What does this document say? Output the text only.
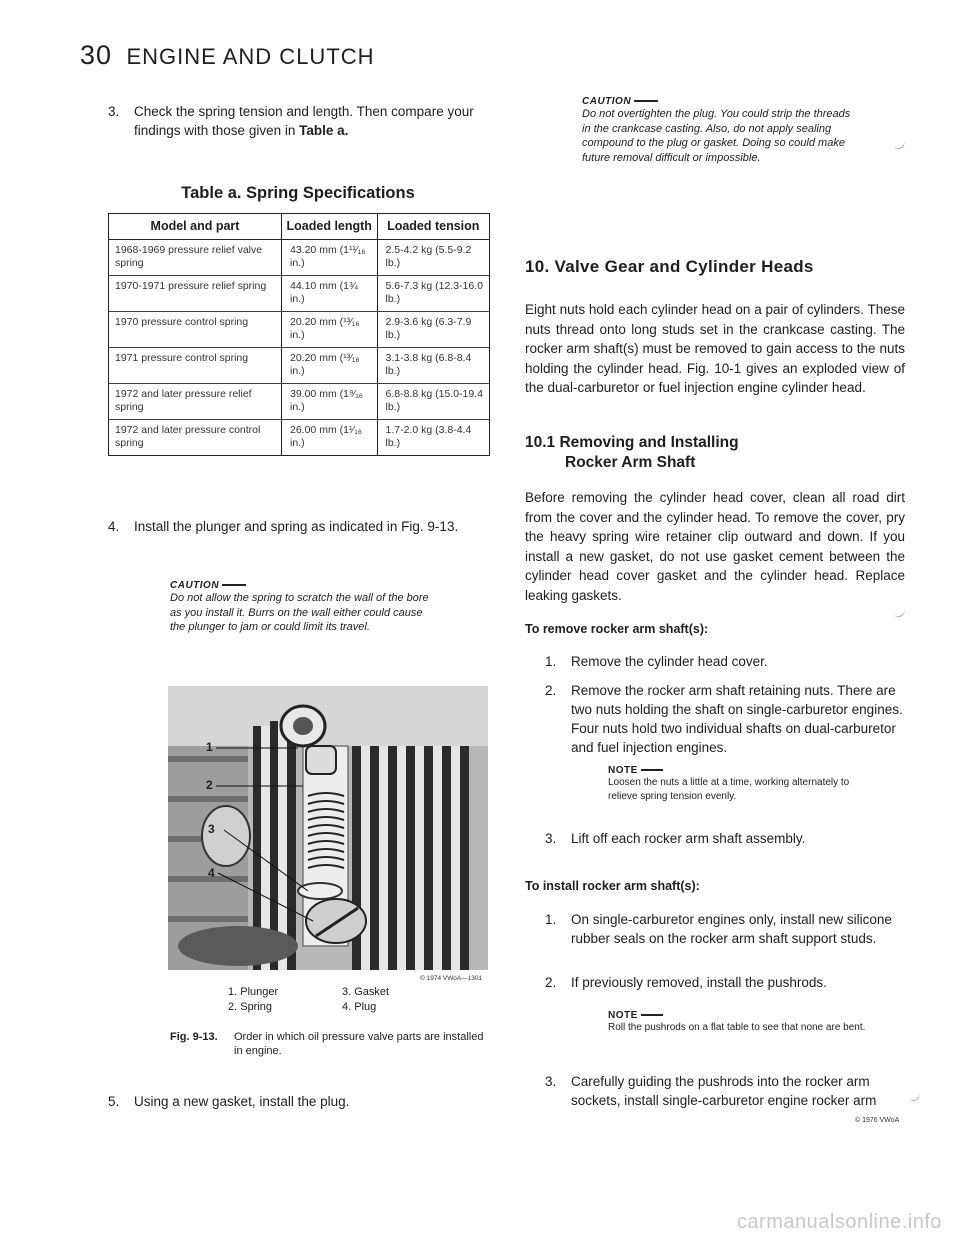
30 ENGINE AND CLUTCH
3.	Check the spring tension and length. Then compare your findings with those given in Table a.
Table a. Spring Specifications
Model and part	Loaded length	Loaded tension
1968-1969 pressure relief valve spring	43.20 mm (1¹¹⁄₁₆ in.)	2.5-4.2 kg (5.5-9.2 lb.)
1970-1971 pressure relief spring	44.10 mm (1¾ in.)	5.6-7.3 kg (12.3-16.0 lb.)
1970 pressure control spring	20.20 mm (¹³⁄₁₆ in.)	2.9-3.6 kg (6.3-7.9 lb.)
1971 pressure control spring	20.20 mm (¹³⁄₁₆ in.)	3.1-3.8 kg (6.8-8.4 lb.)
1972 and later pressure relief spring	39.00 mm (1⁹⁄₁₆ in.)	6.8-8.8 kg (15.0-19.4 lb.)
1972 and later pressure control spring	26.00 mm (1¹⁄₁₆ in.)	1.7-2.0 kg (3.8-4.4 lb.)
4.	Install the plunger and spring as indicated in Fig. 9-13.
CAUTION
Do not allow the spring to scratch the wall of the bore as you install it. Burrs on the wall either could cause the plunger to jam or could limit its travel.
1
2
3
4
© 1974 VWoA—1301
1. Plunger
2. Spring
3. Gasket
4. Plug
Fig. 9-13.	Order in which oil pressure valve parts are installed in engine.
5.	Using a new gasket, install the plug.
CAUTION
Do not overtighten the plug. You could strip the threads in the crankcase casting. Also, do not apply sealing compound to the plug or gasket. Doing so could make future removal difficult or impossible.
10. Valve Gear and Cylinder Heads
Eight nuts hold each cylinder head on a pair of cylinders. These nuts thread onto long studs set in the crankcase casting. The rocker arm shaft(s) must be removed to gain access to the nuts holding the cylinder head. Fig. 10-1 gives an exploded view of the dual-carburetor or fuel injection engine cylinder head.
10.1 Removing and Installing
Rocker Arm Shaft
Before removing the cylinder head cover, clean all road dirt from the cover and the cylinder head. To remove the cover, pry the heavy spring wire retainer clip outward and down. If you install a new gasket, do not use gasket cement between the cylinder head cover gasket and the cylinder head. Replace leaking gaskets.
To remove rocker arm shaft(s):
1.	Remove the cylinder head cover.
2.	Remove the rocker arm shaft retaining nuts. There are two nuts holding the shaft on single-carburetor engines. Four nuts hold two individual shafts on dual-carburetor and fuel injection engines.
NOTE
Loosen the nuts a little at a time, working alternately to relieve spring tension evenly.
3.	Lift off each rocker arm shaft assembly.
To install rocker arm shaft(s):
1.	On single-carburetor engines only, install new silicone rubber seals on the rocker arm shaft support studs.
2.	If previously removed, install the pushrods.
NOTE
Roll the pushrods on a flat table to see that none are bent.
3.	Carefully guiding the pushrods into the rocker arm sockets, install single-carburetor engine rocker arm
© 1976 VWoA
carmanualsonline.info
